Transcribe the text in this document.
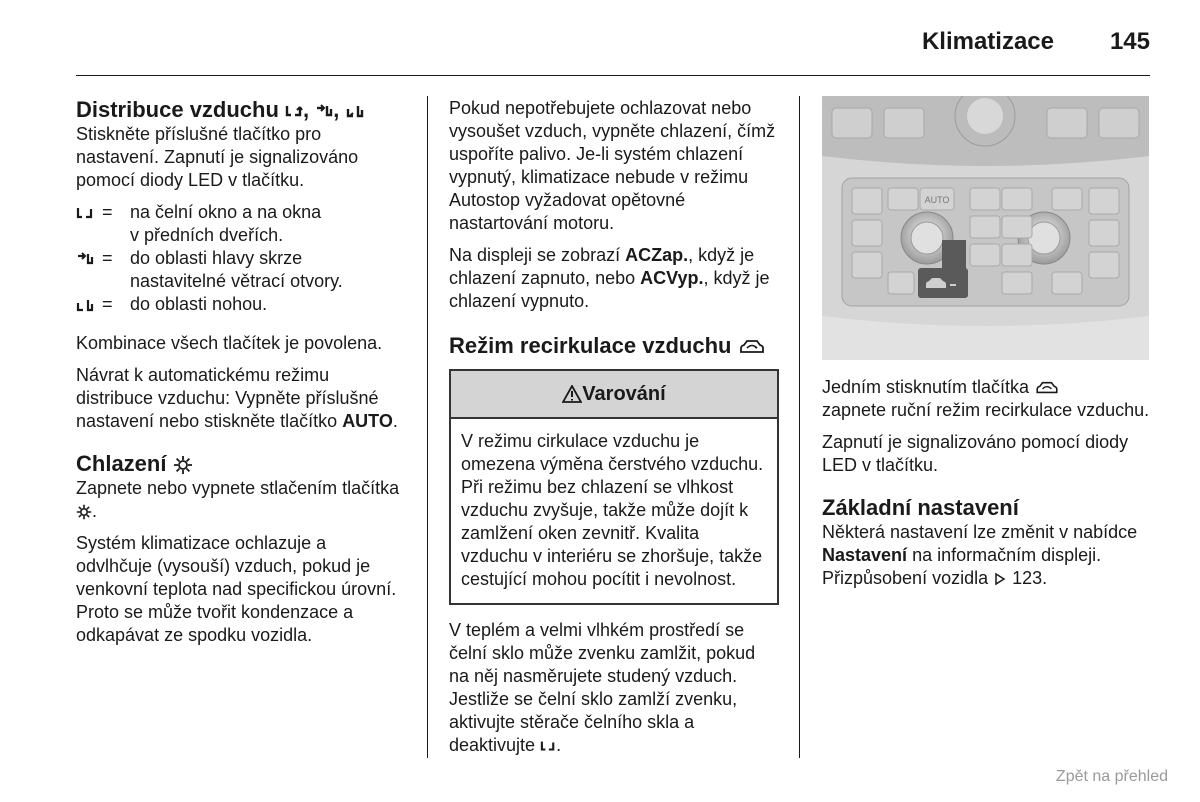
Klimatizace 145
Distribuce vzduchu , ,

Stiskněte příslušné tlačítko pro nastavení. Zapnutí je signalizováno pomocí diody LED v tlačítku.

= na čelní okno a na okna
v předních dveřích.
= do oblasti hlavy skrze
nastavitelné větrací otvory.
= do oblasti nohou.

Kombinace všech tlačítek je povolena.

Návrat k automatickému režimu distribuce vzduchu: Vypněte příslušné nastavení nebo stiskněte tlačítko AUTO.

Chlazení

Zapnete nebo vypnete stlačením tlačítka .

Systém klimatizace ochlazuje a odvlhčuje (vysouší) vzduch, pokud je venkovní teplota nad specifickou úrovní. Proto se může tvořit kondenzace a odkapávat ze spodku vozidla.

Pokud nepotřebujete ochlazovat nebo vysoušet vzduch, vypněte chlazení, čímž uspoříte palivo. Je-li systém chlazení vypnutý, klimatizace nebude v režimu Autostop vyžadovat opětovné nastartování motoru.

Na displeji se zobrazí ACZap., když je chlazení zapnuto, nebo ACVyp., když je chlazení vypnuto.

Režim recirkulace vzduchu
Varování
V režimu cirkulace vzduchu je omezena výměna čerstvého vzduchu. Při režimu bez chlazení se vlhkost vzduchu zvyšuje, takže může dojít k zamlžení oken zevnitř. Kvalita vzduchu v interiéru se zhoršuje, takže cestující mohou pocítit i nevolnost.

V teplém a velmi vlhkém prostředí se čelní sklo může zvenku zamlžit, pokud na něj nasměrujete studený vzduch. Jestliže se čelní sklo zamlží zvenku, aktivujte stěrače čelního skla a deaktivujte .

AUTO

Jedním stisknutím tlačítka
zapnete ruční režim recirkulace vzduchu.

Zapnutí je signalizováno pomocí diody LED v tlačítku.

Základní nastavení

Některá nastavení lze změnit v nabídce Nastavení na informačním displeji. Přizpůsobení vozidla 123.

Zpět na přehled
